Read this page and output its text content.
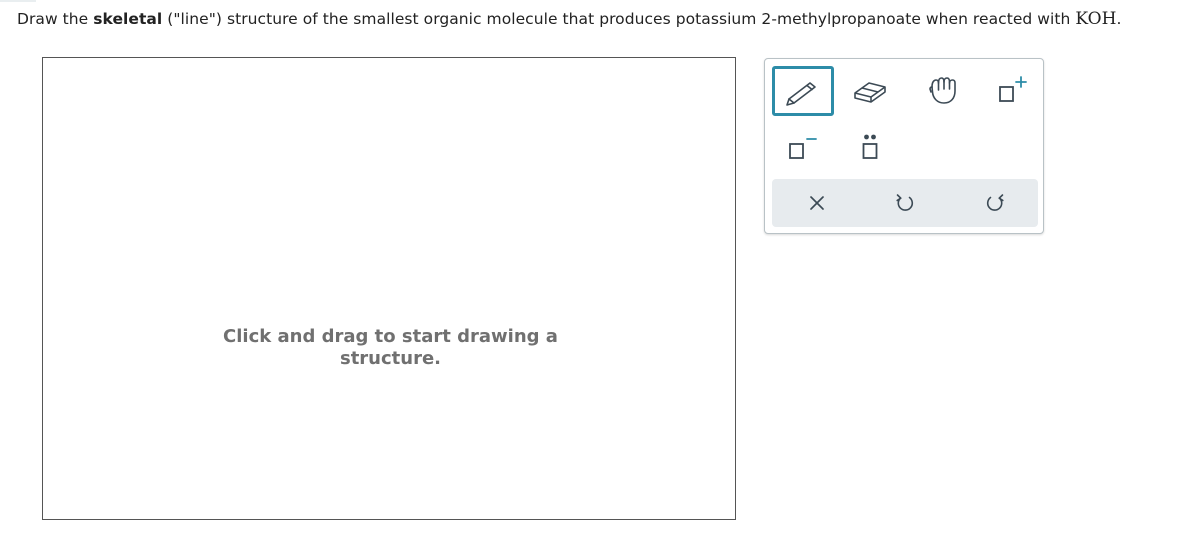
Draw the skeletal ("line") structure of the smallest organic molecule that produces potassium 2-methylpropanoate when reacted with KOH.
Click and drag to start drawing a
structure.
